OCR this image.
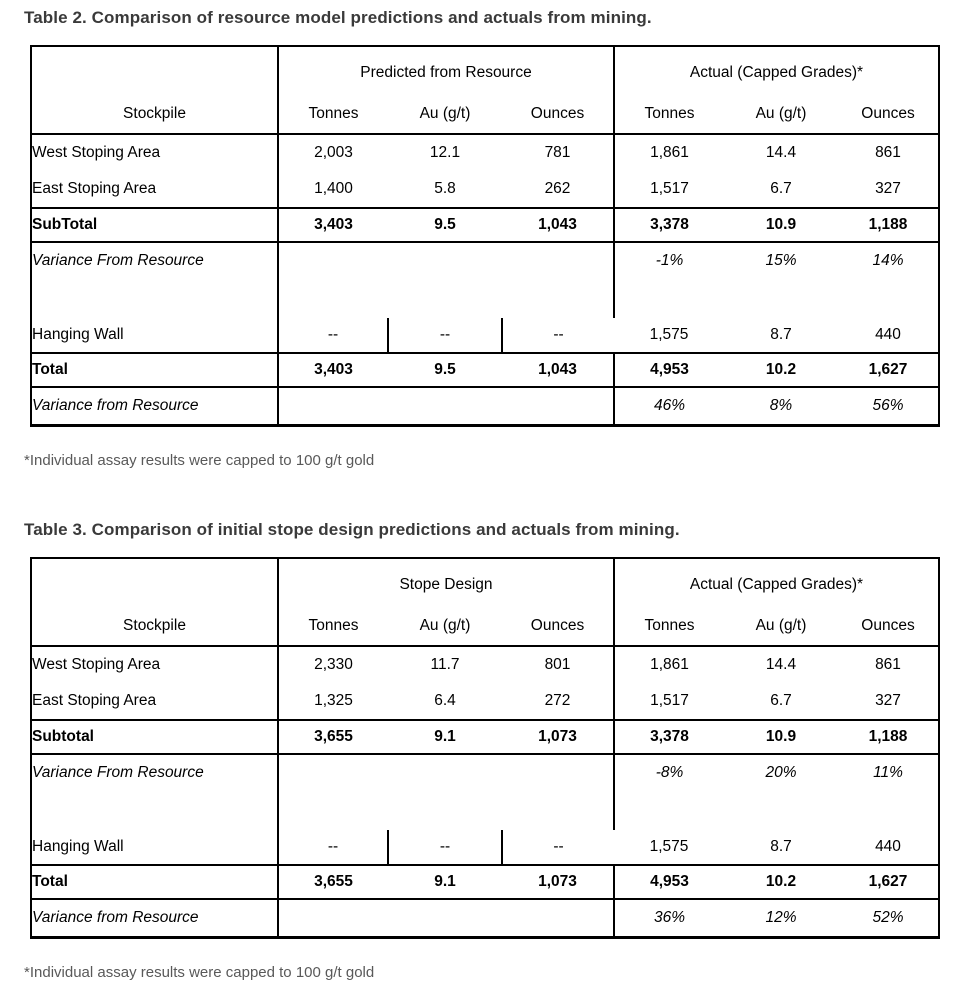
Table 2. Comparison of resource model predictions and actuals from mining.
	Predicted from Resource			Actual (Capped Grades)*		
Stockpile	Tonnes	Au (g/t)	Ounces	Tonnes	Au (g/t)	Ounces
West Stoping Area	2,003	12.1	781	1,861	14.4	861
East Stoping Area	1,400	5.8	262	1,517	6.7	327
SubTotal	3,403	9.5	1,043	3,378	10.9	1,188
Variance From Resource				-1%	15%	14%
Hanging Wall	--	--	--	1,575	8.7	440
Total	3,403	9.5	1,043	4,953	10.2	1,627
Variance from Resource				46%	8%	56%

*Individual assay results were capped to 100 g/t gold

Table 3. Comparison of initial stope design predictions and actuals from mining.
	Stope Design			Actual (Capped Grades)*		
Stockpile	Tonnes	Au (g/t)	Ounces	Tonnes	Au (g/t)	Ounces
West Stoping Area	2,330	11.7	801	1,861	14.4	861
East Stoping Area	1,325	6.4	272	1,517	6.7	327
Subtotal	3,655	9.1	1,073	3,378	10.9	1,188
Variance From Resource				-8%	20%	11%
Hanging Wall	--	--	--	1,575	8.7	440
Total	3,655	9.1	1,073	4,953	10.2	1,627
Variance from Resource				36%	12%	52%

*Individual assay results were capped to 100 g/t gold
